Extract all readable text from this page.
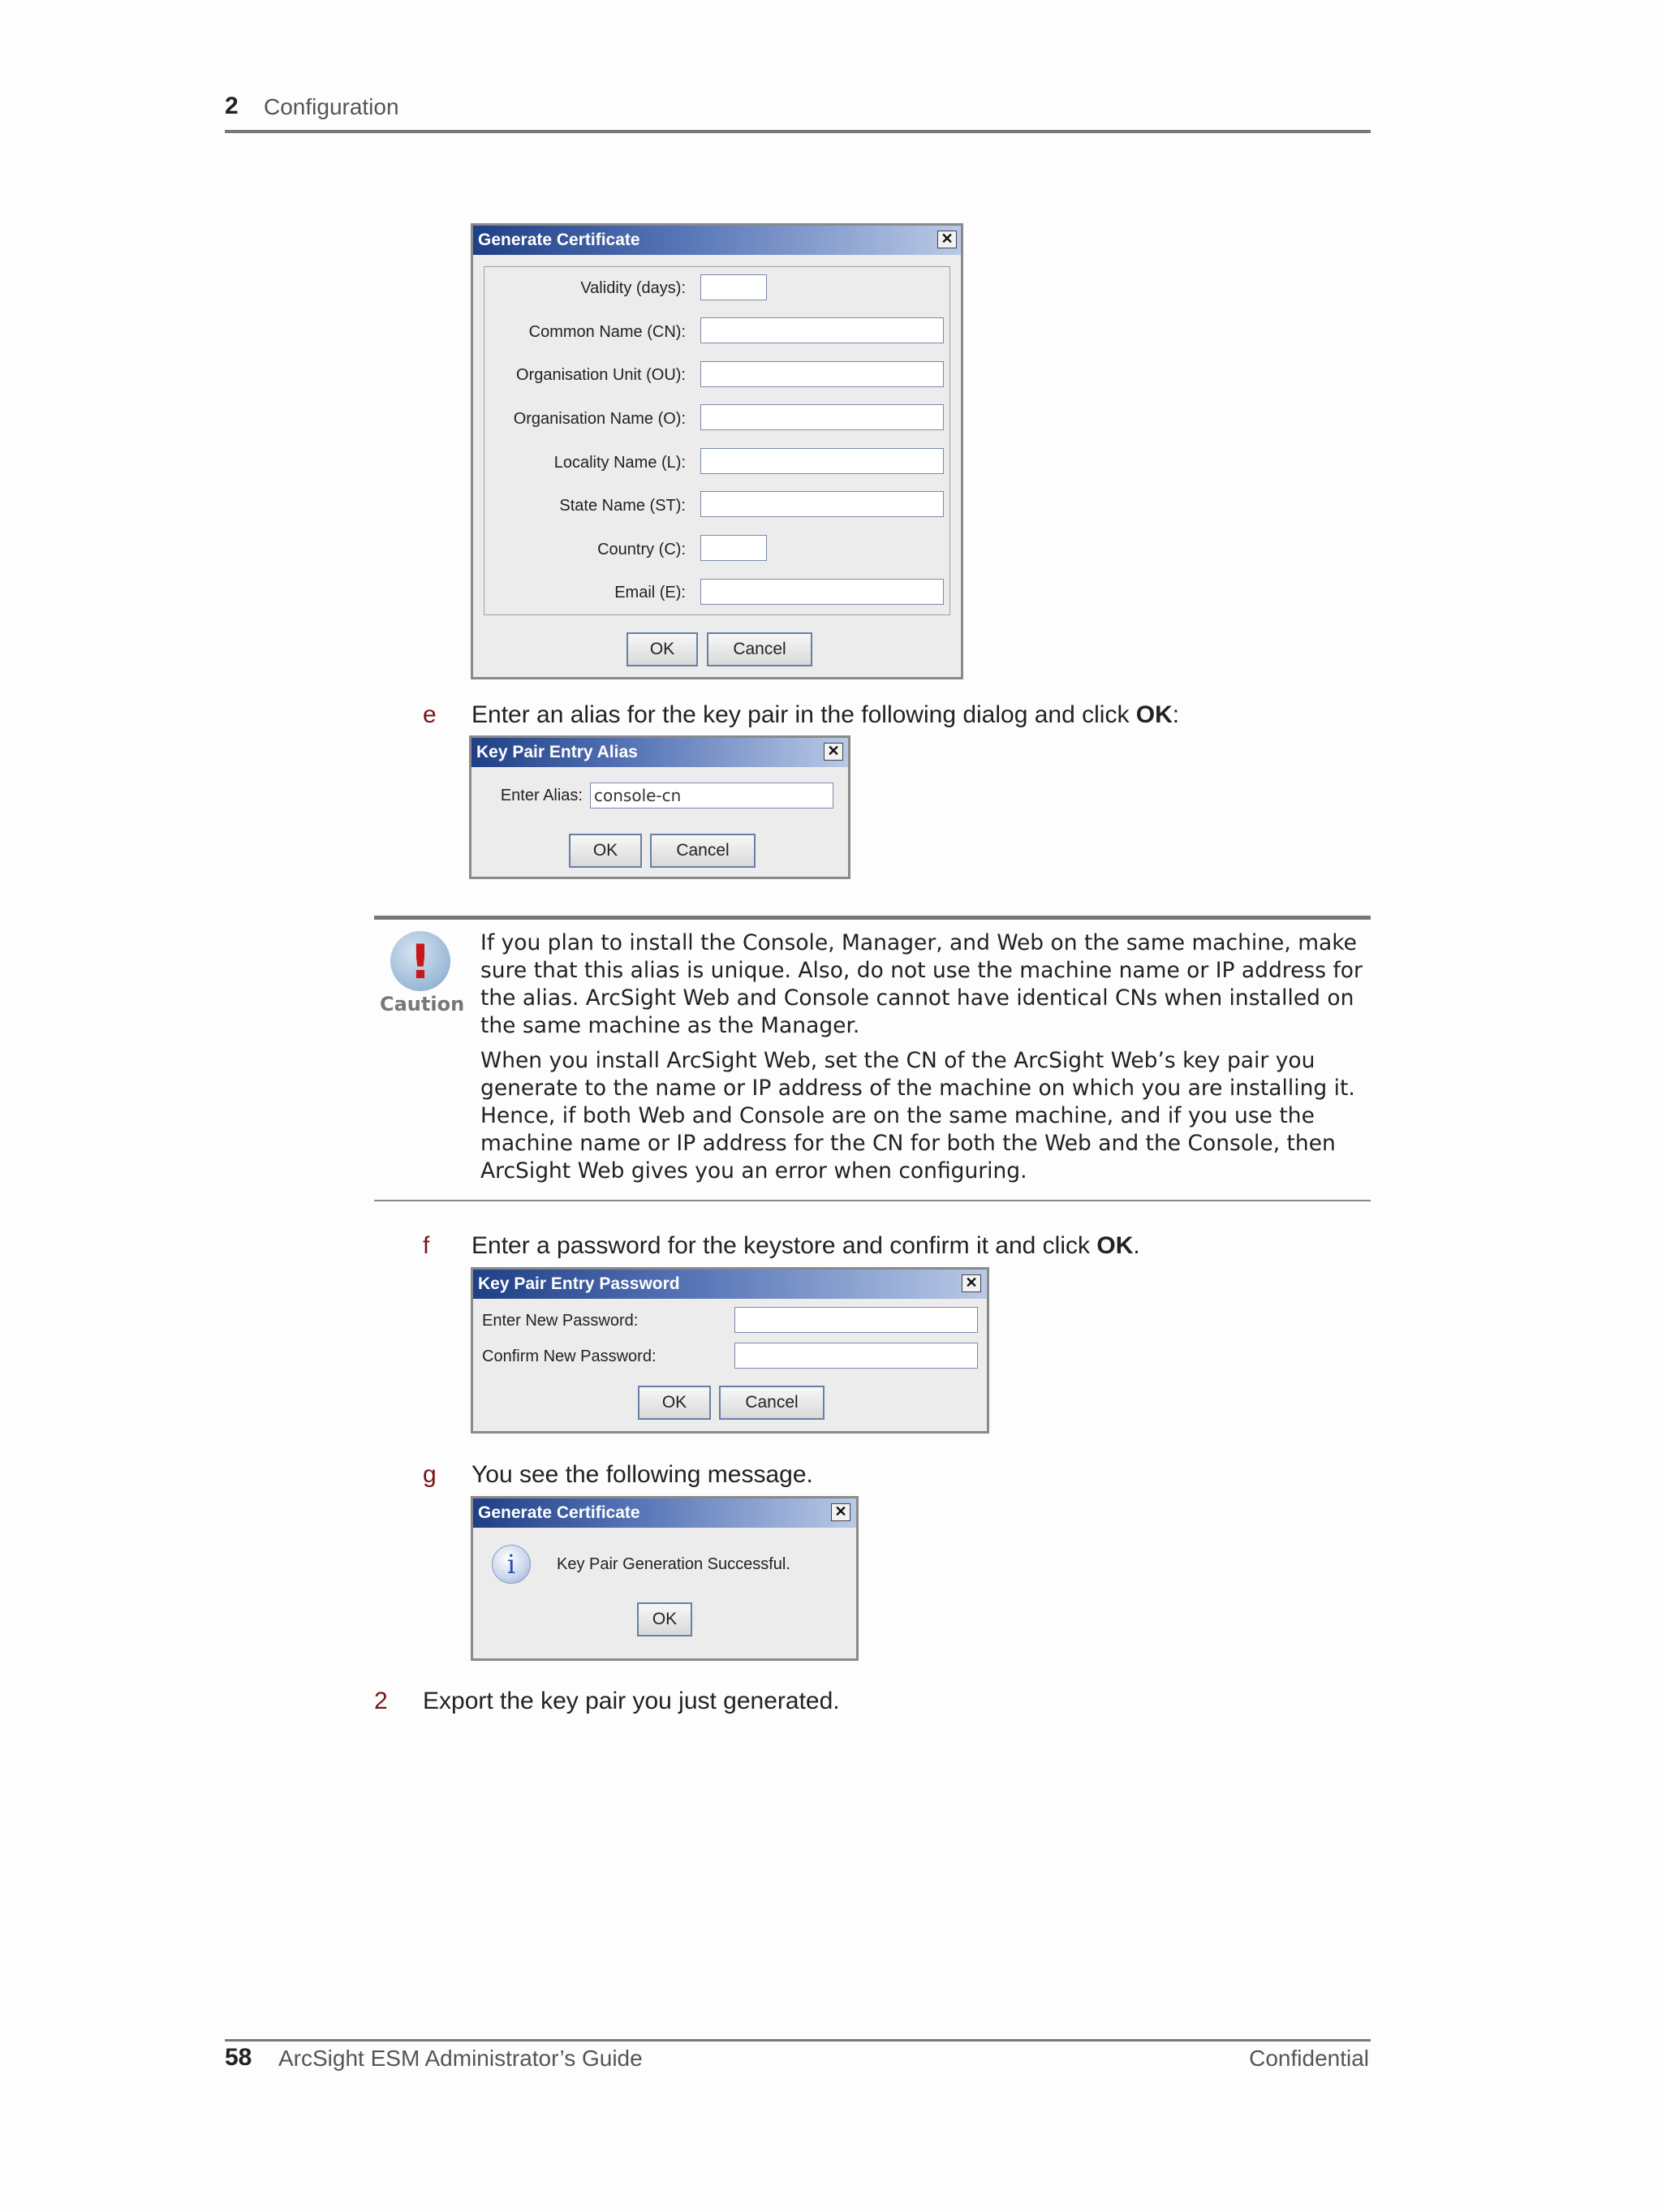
2 Configuration
Generate Certificate	✕
Validity (days):
Common Name (CN):
Organisation Unit (OU):
Organisation Name (O):
Locality Name (L):
State Name (ST):
Country (C):
Email (E):
OK	Cancel
e Enter an alias for the key pair in the following dialog and click OK:
Key Pair Entry Alias	✕
Enter Alias: console-cn
OK	Cancel
!
Caution
If you plan to install the Console, Manager, and Web on the same machine, make sure that this alias is unique. Also, do not use the machine name or IP address for the alias. ArcSight Web and Console cannot have identical CNs when installed on the same machine as the Manager.
When you install ArcSight Web, set the CN of the ArcSight Web’s key pair you generate to the name or IP address of the machine on which you are installing it. Hence, if both Web and Console are on the same machine, and if you use the machine name or IP address for the CN for both the Web and the Console, then ArcSight Web gives you an error when configuring.
f Enter a password for the keystore and confirm it and click OK.
Key Pair Entry Password	✕
Enter New Password:
Confirm New Password:
OK	Cancel
g You see the following message.
Generate Certificate	✕
i	Key Pair Generation Successful.
OK
2 Export the key pair you just generated.
58 ArcSight ESM Administrator’s Guide	Confidential
